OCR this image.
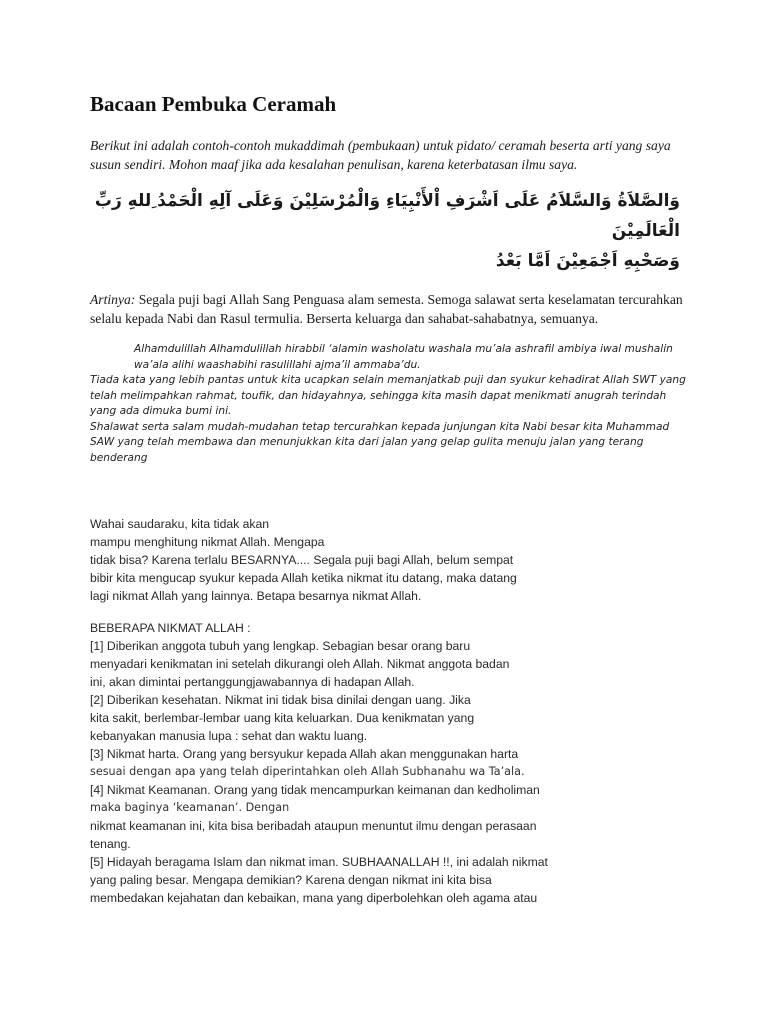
Bacaan Pembuka Ceramah
Berikut ini adalah contoh-contoh mukaddimah (pembukaan) untuk pidato/ ceramah beserta arti yang saya susun sendiri. Mohon maaf jika ada kesalahan penulisan, karena keterbatasan ilmu saya.
وَالصَّلاَةُ وَالسَّلاَمُ عَلَى اَشْرَفِ اْلأَنْبِيَاءِ وَالْمُرْسَلِيْنَ وَعَلَى آلِهِ الْحَمْدُ ِللهِ رَبِّ الْعَالَمِيْنَ
وَصَحْبِهِ اَجْمَعِيْنَ اَمَّا بَعْدُ
Artinya: Segala puji bagi Allah Sang Penguasa alam semesta. Semoga salawat serta keselamatan tercurahkan selalu kepada Nabi dan Rasul termulia. Berserta keluarga dan sahabat-sahabatnya, semuanya.
Alhamdulillah Alhamdulillah hirabbil ‘alamin washolatu washala mu’ala ashrafil ambiya iwal mushalin wa’ala alihi waashabihi rasulillahi ajma’il ammaba’du.
Tiada kata yang lebih pantas untuk kita ucapkan selain memanjatkab puji dan syukur kehadirat Allah SWT yang telah melimpahkan rahmat, toufik, dan hidayahnya, sehingga kita masih dapat menikmati anugrah terindah yang ada dimuka bumi ini.
Shalawat serta salam mudah-mudahan tetap tercurahkan kepada junjungan kita Nabi besar kita Muhammad SAW yang telah membawa dan menunjukkan kita dari jalan yang gelap gulita menuju jalan yang terang benderang
Wahai saudaraku, kita tidak akan
mampu menghitung nikmat Allah. Mengapa
tidak bisa? Karena terlalu BESARNYA.... Segala puji bagi Allah, belum sempat
bibir kita mengucap syukur kepada Allah ketika nikmat itu datang, maka datang
lagi nikmat Allah yang lainnya. Betapa besarnya nikmat Allah.
BEBERAPA NIKMAT ALLAH :
[1] Diberikan anggota tubuh yang lengkap. Sebagian besar orang baru
menyadari kenikmatan ini setelah dikurangi oleh Allah. Nikmat anggota badan
ini, akan dimintai pertanggungjawabannya di hadapan Allah.
[2] Diberikan kesehatan. Nikmat ini tidak bisa dinilai dengan uang. Jika
kita sakit, berlembar-lembar uang kita keluarkan. Dua kenikmatan yang
kebanyakan manusia lupa : sehat dan waktu luang.
[3] Nikmat harta. Orang yang bersyukur kepada Allah akan menggunakan harta
sesuai dengan apa yang telah diperintahkan oleh Allah Subhanahu wa Ta’ala.
[4] Nikmat Keamanan. Orang yang tidak mencampurkan keimanan dan kedholiman
maka baginya ‘keamanan’. Dengan
nikmat keamanan ini, kita bisa beribadah ataupun menuntut ilmu dengan perasaan
tenang.
[5] Hidayah beragama Islam dan nikmat iman. SUBHAANALLAH !!, ini adalah nikmat
yang paling besar. Mengapa demikian? Karena dengan nikmat ini kita bisa
membedakan kejahatan dan kebaikan, mana yang diperbolehkan oleh agama atau
